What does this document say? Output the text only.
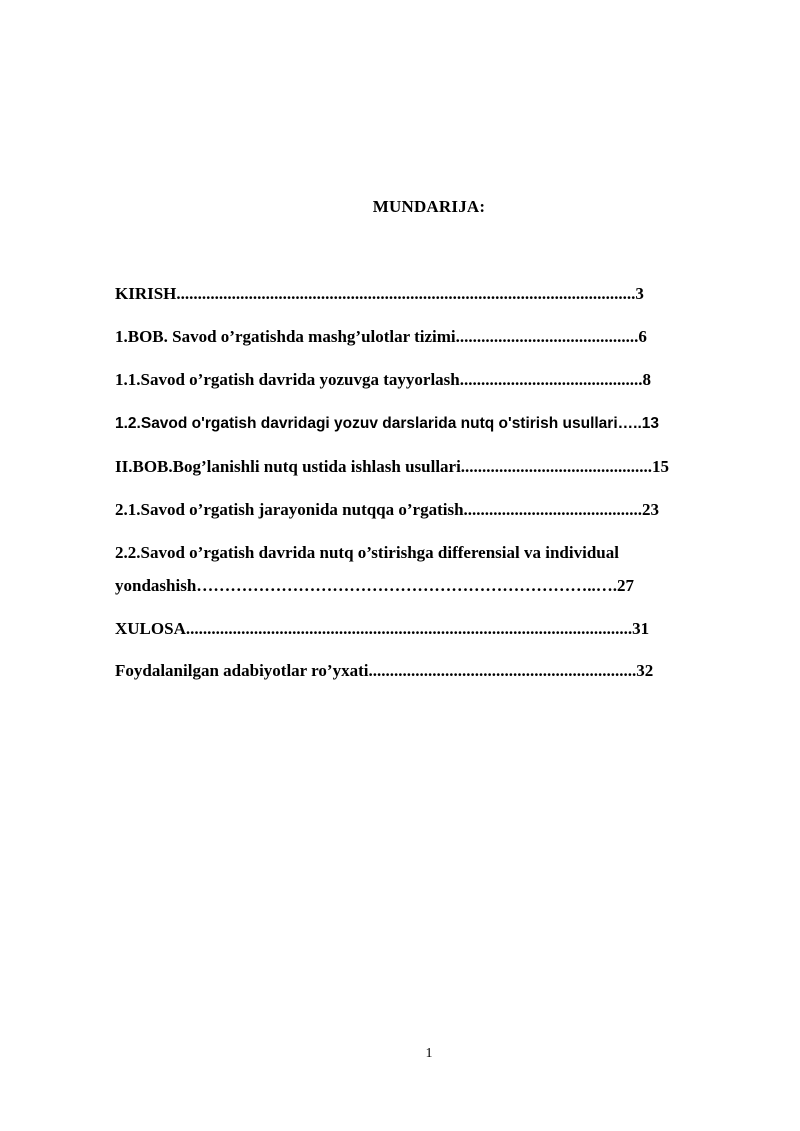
MUNDARIJA:
KIRISH............................................................................................................3
1.BOB. Savod o’rgatishda mashg’ulotlar tizimi...........................................6
1.1.Savod o’rgatish davrida yozuvga tayyorlash...........................................8
1.2.Savod o'rgatish davridagi yozuv darslarida nutq o'stirish usullari…..13
II.BOB.Bog’lanishli nutq ustida ishlash usullari.............................................15
2.1.Savod o’rgatish jarayonida nutqqa o’rgatish..........................................23
2.2.Savod o’rgatish davrida nutq o’stirishga differensial va individual
yondashish……………………………………………………………..….27
XULOSA.........................................................................................................31
Foydalanilgan adabiyotlar ro’yxati...............................................................32
1
